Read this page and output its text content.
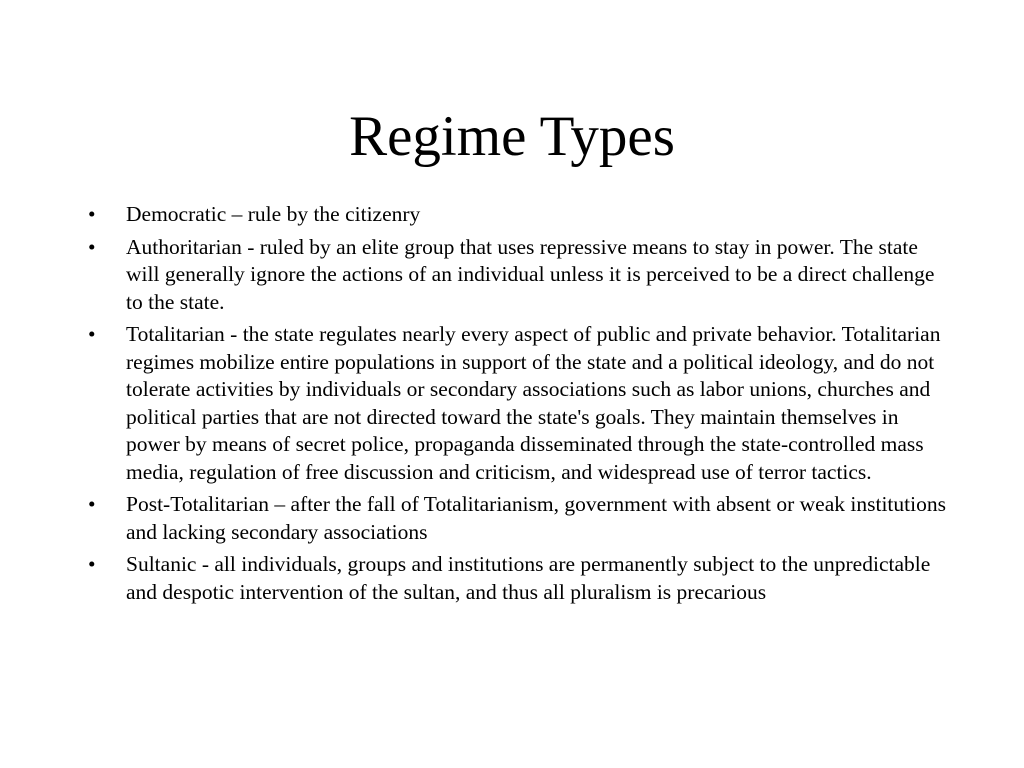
Regime Types
• Democratic – rule by the citizenry
• Authoritarian - ruled by an elite group that uses repressive means to stay in power. The state will generally ignore the actions of an individual unless it is perceived to be a direct challenge to the state.
• Totalitarian - the state regulates nearly every aspect of public and private behavior. Totalitarian regimes mobilize entire populations in support of the state and a political ideology, and do not tolerate activities by individuals or secondary associations such as labor unions, churches and political parties that are not directed toward the state's goals. They maintain themselves in power by means of secret police, propaganda disseminated through the state-controlled mass media, regulation of free discussion and criticism, and widespread use of terror tactics.
• Post-Totalitarian – after the fall of Totalitarianism, government with absent or weak institutions and lacking secondary associations
• Sultanic - all individuals, groups and institutions are permanently subject to the unpredictable and despotic intervention of the sultan, and thus all pluralism is precarious
